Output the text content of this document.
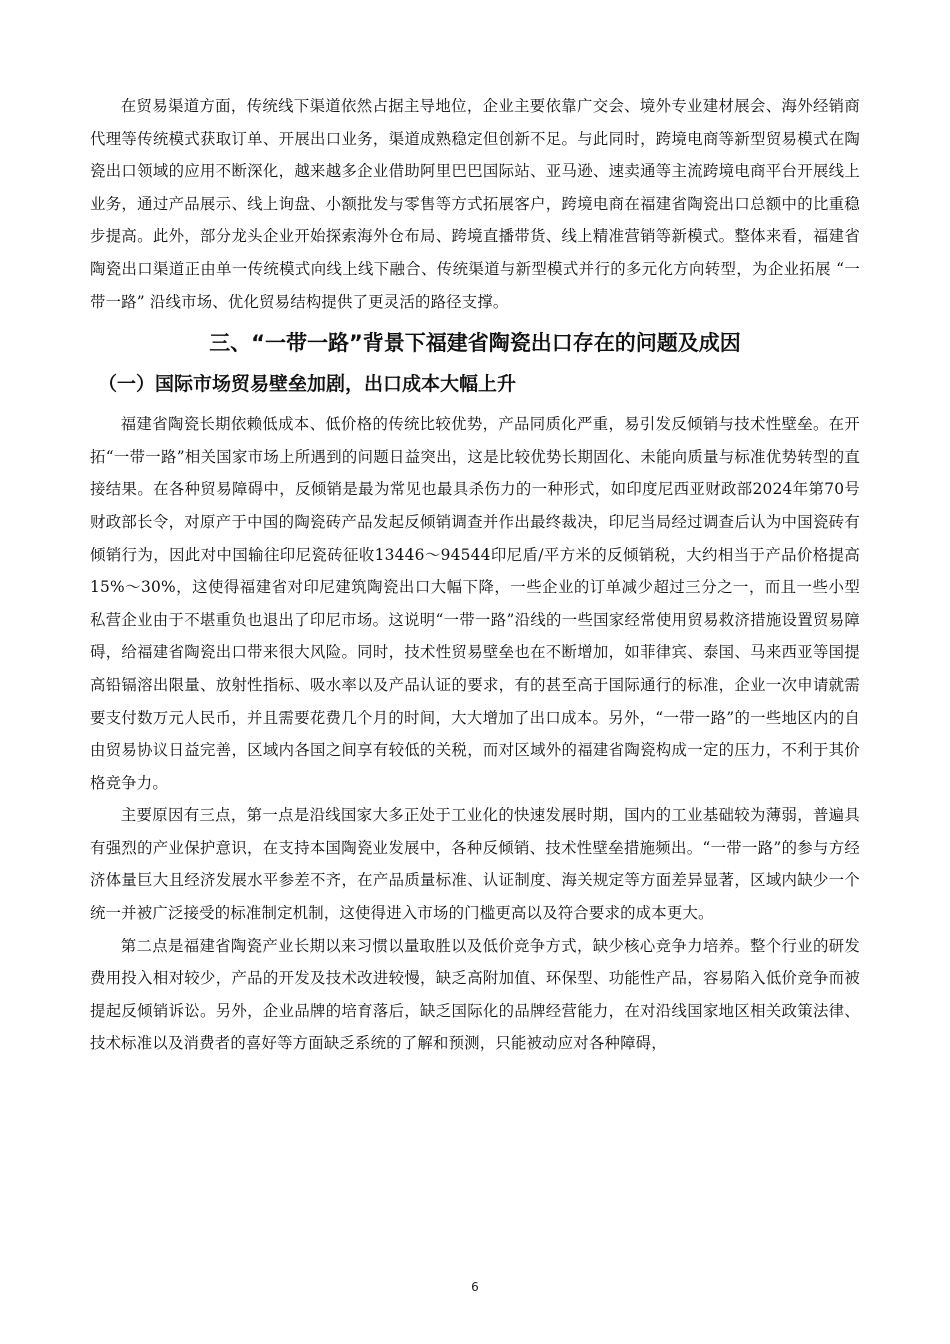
在贸易渠道方面，传统线下渠道依然占据主导地位，企业主要依靠广交会、境外专业建材展会、海外经销商代理等传统模式获取订单、开展出口业务，渠道成熟稳定但创新不足。与此同时，跨境电商等新型贸易模式在陶瓷出口领域的应用不断深化，越来越多企业借助阿里巴巴国际站、亚马逊、速卖通等主流跨境电商平台开展线上业务，通过产品展示、线上询盘、小额批发与零售等方式拓展客户，跨境电商在福建省陶瓷出口总额中的比重稳步提高。此外，部分龙头企业开始探索海外仓布局、跨境直播带货、线上精准营销等新模式。整体来看，福建省陶瓷出口渠道正由单一传统模式向线上线下融合、传统渠道与新型模式并行的多元化方向转型，为企业拓展 “一带一路” 沿线市场、优化贸易结构提供了更灵活的路径支撑。

三、“一带一路”背景下福建省陶瓷出口存在的问题及成因
（一）国际市场贸易壁垒加剧，出口成本大幅上升

福建省陶瓷长期依赖低成本、低价格的传统比较优势，产品同质化严重，易引发反倾销与技术性壁垒。在开拓“一带一路”相关国家市场上所遇到的问题日益突出，这是比较优势长期固化、未能向质量与标准优势转型的直接结果。在各种贸易障碍中，反倾销是最为常见也最具杀伤力的一种形式，如印度尼西亚财政部2024年第70号财政部长令，对原产于中国的陶瓷砖产品发起反倾销调查并作出最终裁决，印尼当局经过调查后认为中国瓷砖有倾销行为，因此对中国输往印尼瓷砖征收13446～94544印尼盾/平方米的反倾销税，大约相当于产品价格提高15%～30%，这使得福建省对印尼建筑陶瓷出口大幅下降，一些企业的订单减少超过三分之一，而且一些小型私营企业由于不堪重负也退出了印尼市场。这说明“一带一路”沿线的一些国家经常使用贸易救济措施设置贸易障碍，给福建省陶瓷出口带来很大风险。同时，技术性贸易壁垒也在不断增加，如菲律宾、泰国、马来西亚等国提高铅镉溶出限量、放射性指标、吸水率以及产品认证的要求，有的甚至高于国际通行的标准，企业一次申请就需要支付数万元人民币，并且需要花费几个月的时间，大大增加了出口成本。另外，“一带一路”的一些地区内的自由贸易协议日益完善，区域内各国之间享有较低的关税，而对区域外的福建省陶瓷构成一定的压力，不利于其价格竞争力。

主要原因有三点，第一点是沿线国家大多正处于工业化的快速发展时期，国内的工业基础较为薄弱，普遍具有强烈的产业保护意识，在支持本国陶瓷业发展中，各种反倾销、技术性壁垒措施频出。“一带一路”的参与方经济体量巨大且经济发展水平参差不齐，在产品质量标准、认证制度、海关规定等方面差异显著，区域内缺少一个统一并被广泛接受的标准制定机制，这使得进入市场的门槛更高以及符合要求的成本更大。

第二点是福建省陶瓷产业长期以来习惯以量取胜以及低价竞争方式，缺少核心竞争力培养。整个行业的研发费用投入相对较少，产品的开发及技术改进较慢，缺乏高附加值、环保型、功能性产品，容易陷入低价竞争而被提起反倾销诉讼。另外，企业品牌的培育落后，缺乏国际化的品牌经营能力，在对沿线国家地区相关政策法律、技术标准以及消费者的喜好等方面缺乏系统的了解和预测，只能被动应对各种障碍，

6
